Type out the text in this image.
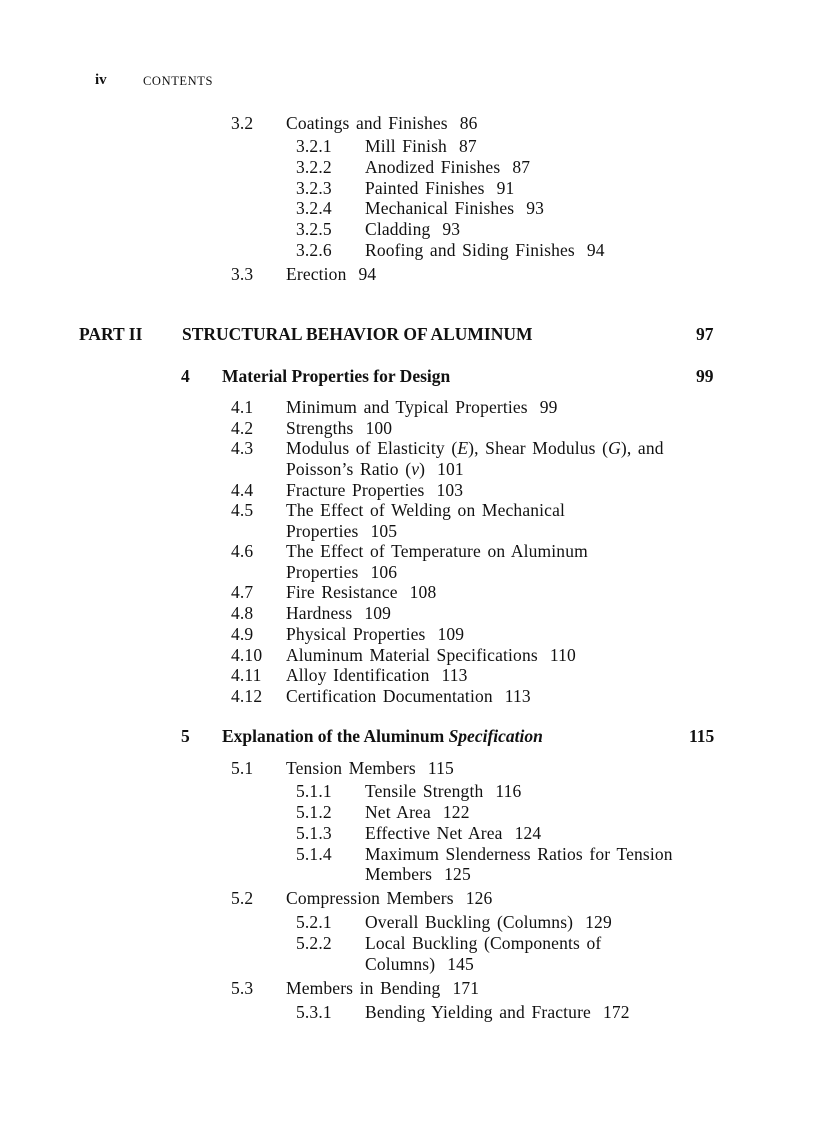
iv	CONTENTS
3.2 Coatings and Finishes 86
3.2.1 Mill Finish 87
3.2.2 Anodized Finishes 87
3.2.3 Painted Finishes 91
3.2.4 Mechanical Finishes 93
3.2.5 Cladding 93
3.2.6 Roofing and Siding Finishes 94
3.3 Erection 94
PART II STRUCTURAL BEHAVIOR OF ALUMINUM	97
4 Material Properties for Design	99
4.1 Minimum and Typical Properties 99
4.2 Strengths 100
4.3 Modulus of Elasticity (E), Shear Modulus (G), and
Poisson’s Ratio (ν) 101
4.4 Fracture Properties 103
4.5 The Effect of Welding on Mechanical
Properties 105
4.6 The Effect of Temperature on Aluminum
Properties 106
4.7 Fire Resistance 108
4.8 Hardness 109
4.9 Physical Properties 109
4.10 Aluminum Material Specifications 110
4.11 Alloy Identification 113
4.12 Certification Documentation 113
5 Explanation of the Aluminum Specification	115
5.1 Tension Members 115
5.1.1 Tensile Strength 116
5.1.2 Net Area 122
5.1.3 Effective Net Area 124
5.1.4 Maximum Slenderness Ratios for Tension
Members 125
5.2 Compression Members 126
5.2.1 Overall Buckling (Columns) 129
5.2.2 Local Buckling (Components of
Columns) 145
5.3 Members in Bending 171
5.3.1 Bending Yielding and Fracture 172
